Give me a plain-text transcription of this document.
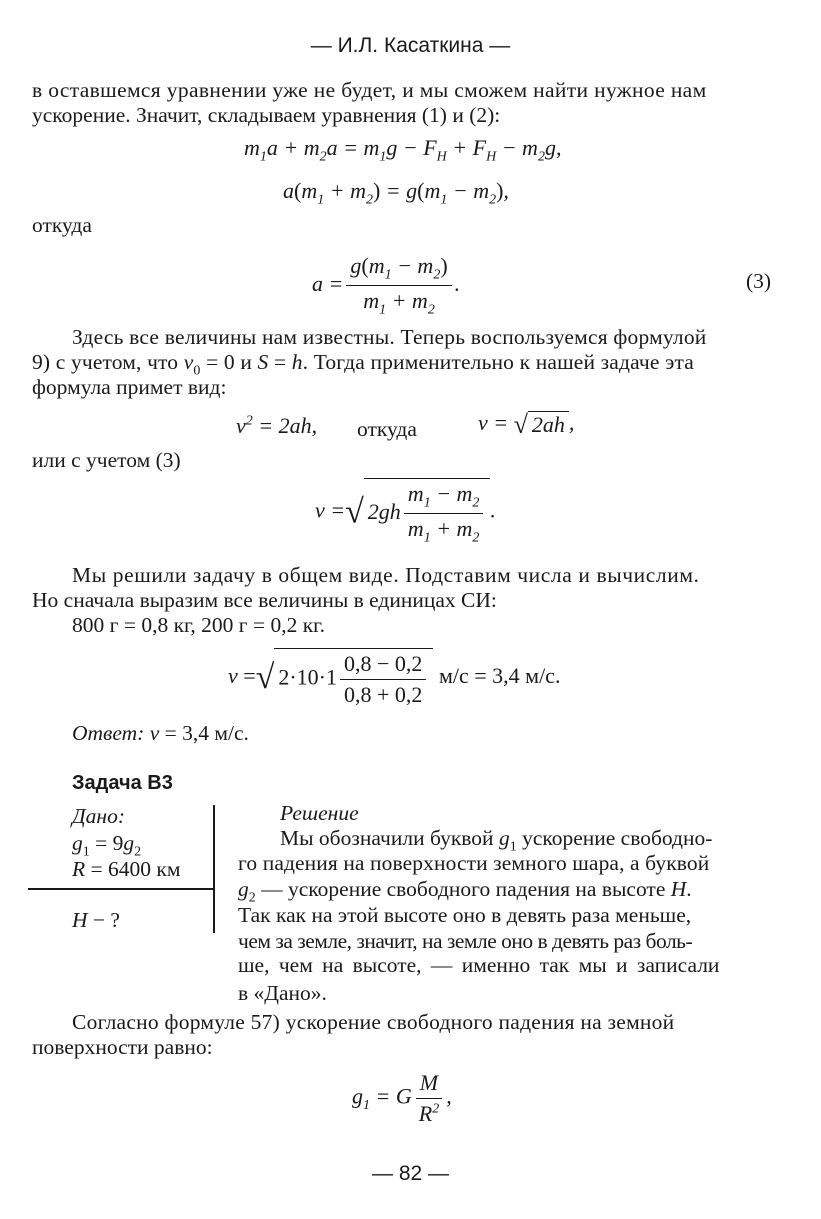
— И.Л. Касаткина —
в оставшемся уравнении уже не будет, и мы сможем найти нужное нам
ускорение. Значит, складываем уравнения (1) и (2):
$m_1a + m_2a = m_1g - F_H + F_H - m_2g$,
$a(m_1 + m_2) = g(m_1 - m_2)$,
откуда
$a = \frac{g(m_1 - m_2)}{m_1 + m_2}$ .	(3)
Здесь все величины нам известны. Теперь воспользуемся формулой
9) с учетом, что $v_0 = 0$ и S = h. Тогда применительно к нашей задаче эта
формула примет вид:
$v^2 = 2ah$, откуда	v = √ 2ah ,
или с учетом (3)
v =√ $2gh \frac{m_1 - m_2}{m_1 + m_2}$ .
Мы решили задачу в общем виде. Подставим числа и вычислим.
Но сначала выразим все величины в единицах СИ:
800 г = 0,8 кг, 200 г = 0,2 кг.
v =√ $2\cdot 10\cdot 1 \frac{0,8 - 0,2}{0,8 + 0,2} м/с = 3,4$ м/с.
Ответ: v = 3,4 м/с.
Задача В3
Дано:
$g_1 = 9g_2$
R = 6400 км
H − ?
Решение
Мы обозначили буквой $g_1$ ускорение свободно-
го падения на поверхности земного шара, а буквой
$g_2$ — ускорение свободного падения на высоте H.
Так как на этой высоте оно в девять раза меньше,
чем за земле, значит, на земле оно в девять раз боль-
ше, чем на высоте, — именно так мы и записали
в «Дано».
Согласно формуле 57) ускорение свободного падения на земной
поверхности равно:
$g_1 = G \frac{M}{R^2}$ ,
— 82 —
